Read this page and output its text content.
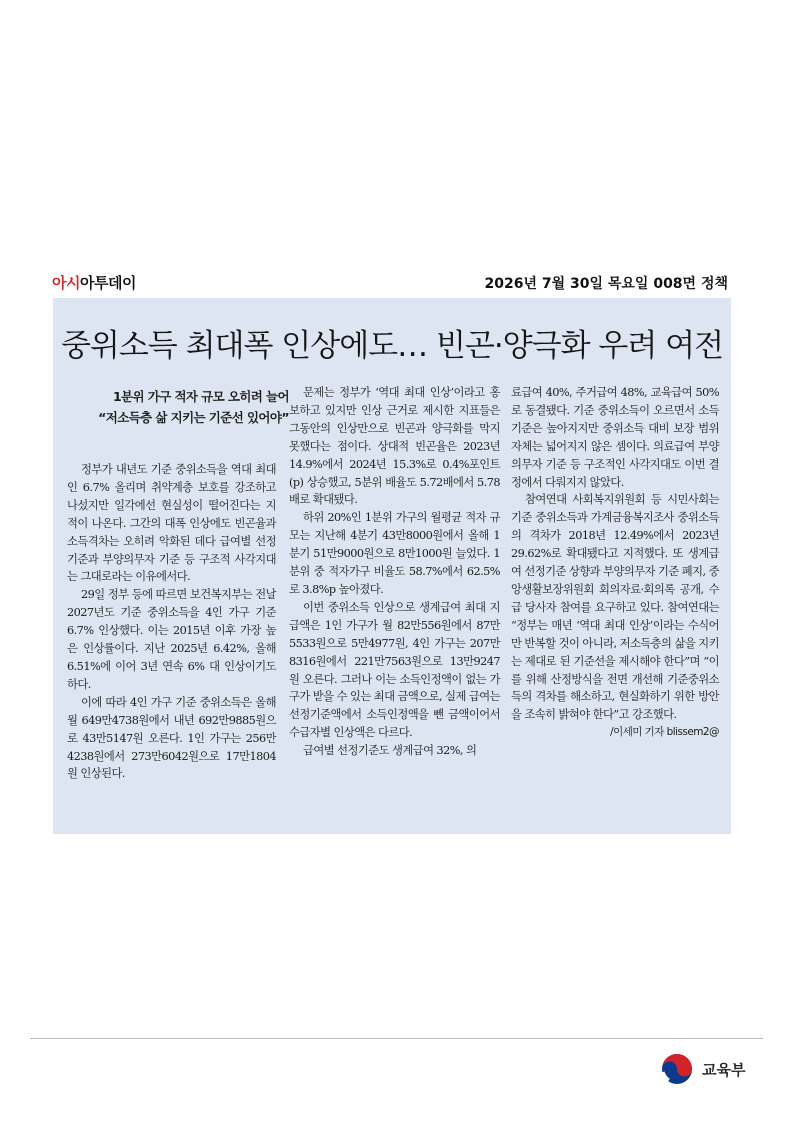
아시아투데이	2026년 7월 30일 목요일 008면 정책
중위소득 최대폭 인상에도… 빈곤·양극화 우려 여전
1분위 가구 적자 규모 오히려 늘어
“저소득층 삶 지키는 기준선 있어야”

정부가 내년도 기준 중위소득을 역대 최대인 6.7% 올리며 취약계층 보호를 강조하고 나섰지만 일각에선 현실성이 떨어진다는 지적이 나온다. 그간의 대폭 인상에도 빈곤율과 소득격차는 오히려 악화된 데다 급여별 선정기준과 부양의무자 기준 등 구조적 사각지대는 그대로라는 이유에서다.

29일 정부 등에 따르면 보건복지부는 전날 2027년도 기준 중위소득을 4인 가구 기준 6.7% 인상했다. 이는 2015년 이후 가장 높은 인상률이다. 지난 2025년 6.42%, 올해 6.51%에 이어 3년 연속 6% 대 인상이기도 하다.

이에 따라 4인 가구 기준 중위소득은 올해 월 649만4738원에서 내년 692만9885원으로 43만5147원 오른다. 1인 가구는 256만4238원에서 273만6042원으로 17만1804원 인상된다.

문제는 정부가 ‘역대 최대 인상’이라고 홍보하고 있지만 인상 근거로 제시한 지표들은 그동안의 인상만으로 빈곤과 양극화를 막지 못했다는 점이다. 상대적 빈곤율은 2023년 14.9%에서 2024년 15.3%로 0.4%포인트(p) 상승했고, 5분위 배율도 5.72배에서 5.78배로 확대됐다.

하위 20%인 1분위 가구의 월평균 적자 규모는 지난해 4분기 43만8000원에서 올해 1분기 51만9000원으로 8만1000원 늘었다. 1분위 중 적자가구 비율도 58.7%에서 62.5%로 3.8%p 높아졌다.

이번 중위소득 인상으로 생계급여 최대 지급액은 1인 가구가 월 82만556원에서 87만5533원으로 5만4977원, 4인 가구는 207만8316원에서 221만7563원으로 13만9247원 오른다. 그러나 이는 소득인정액이 없는 가구가 받을 수 있는 최대 금액으로, 실제 급여는 선정기준액에서 소득인정액을 뺀 금액이어서 수급자별 인상액은 다르다.

급여별 선정기준도 생계급여 32%, 의

료급여 40%, 주거급여 48%, 교육급여 50%로 동결됐다. 기준 중위소득이 오르면서 소득 기준은 높아지지만 중위소득 대비 보장 범위 자체는 넓어지지 않은 셈이다. 의료급여 부양의무자 기준 등 구조적인 사각지대도 이번 결정에서 다뤄지지 않았다.

참여연대 사회복지위원회 등 시민사회는 기준 중위소득과 가계금융복지조사 중위소득의 격차가 2018년 12.49%에서 2023년 29.62%로 확대됐다고 지적했다. 또 생계급여 선정기준 상향과 부양의무자 기준 폐지, 중앙생활보장위원회 회의자료·회의록 공개, 수급 당사자 참여를 요구하고 있다. 참여연대는 “정부는 매년 ‘역대 최대 인상’이라는 수식어만 반복할 것이 아니라, 저소득층의 삶을 지키는 제대로 된 기준선을 제시해야 한다”며 “이를 위해 산정방식을 전면 개선해 기준중위소득의 격차를 해소하고, 현실화하기 위한 방안을 조속히 밝혀야 한다”고 강조했다.

/이세미 기자 blissem2@

교육부
